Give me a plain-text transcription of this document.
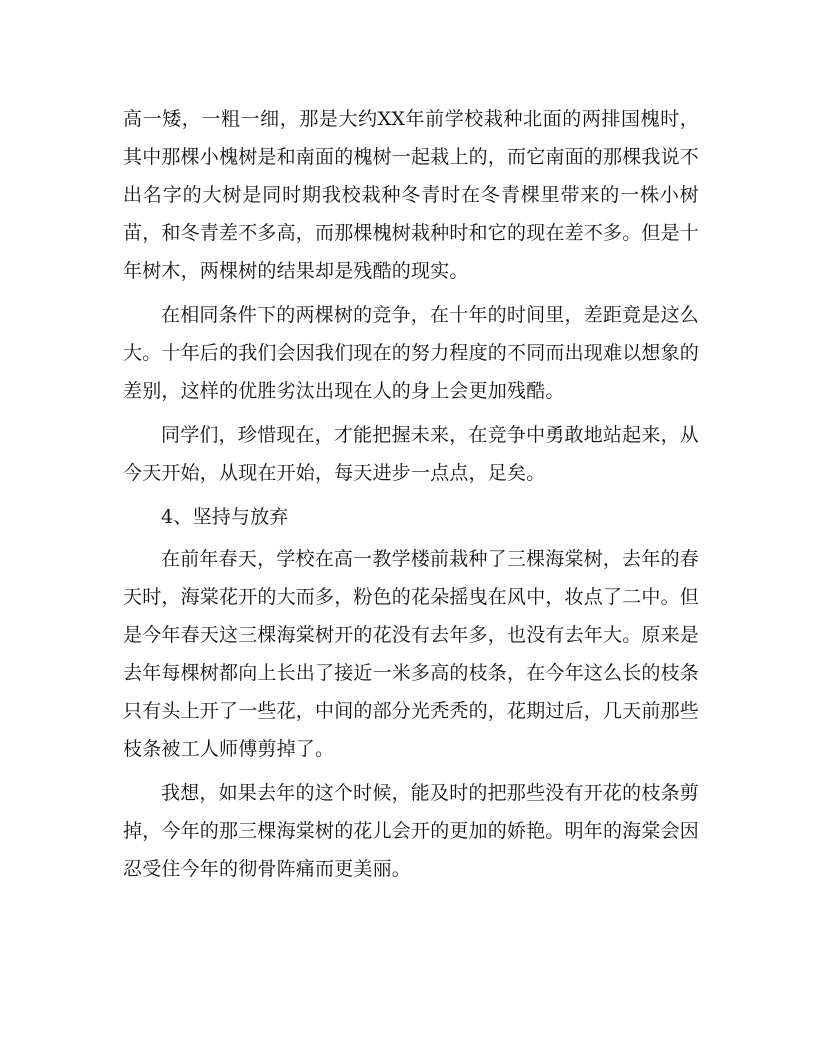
高一矮，一粗一细，那是大约XX年前学校栽种北面的两排国槐时，其中那棵小槐树是和南面的槐树一起栽上的，而它南面的那棵我说不出名字的大树是同时期我校栽种冬青时在冬青棵里带来的一株小树苗，和冬青差不多高，而那棵槐树栽种时和它的现在差不多。但是十年树木，两棵树的结果却是残酷的现实。

在相同条件下的两棵树的竞争，在十年的时间里，差距竟是这么大。十年后的我们会因我们现在的努力程度的不同而出现难以想象的差别，这样的优胜劣汰出现在人的身上会更加残酷。

同学们，珍惜现在，才能把握未来，在竞争中勇敢地站起来，从今天开始，从现在开始，每天进步一点点，足矣。

4、坚持与放弃

在前年春天，学校在高一教学楼前栽种了三棵海棠树，去年的春天时，海棠花开的大而多，粉色的花朵摇曳在风中，妆点了二中。但是今年春天这三棵海棠树开的花没有去年多，也没有去年大。原来是去年每棵树都向上长出了接近一米多高的枝条，在今年这么长的枝条只有头上开了一些花，中间的部分光秃秃的，花期过后，几天前那些枝条被工人师傅剪掉了。

我想，如果去年的这个时候，能及时的把那些没有开花的枝条剪掉，今年的那三棵海棠树的花儿会开的更加的娇艳。明年的海棠会因忍受住今年的彻骨阵痛而更美丽。
